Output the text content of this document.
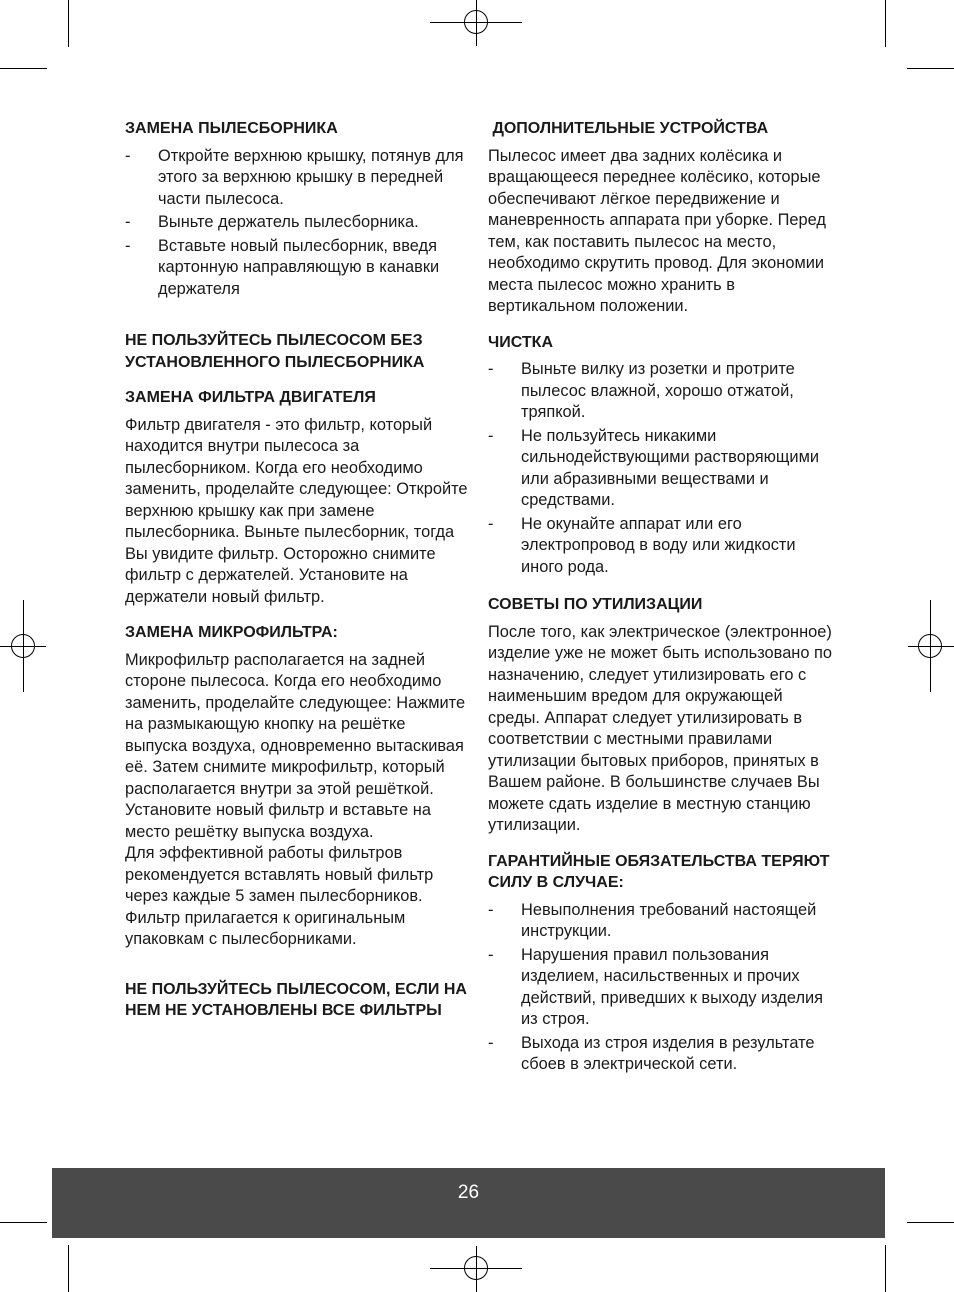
ЗАМЕНА ПЫЛЕСБОРНИКА
- Откройте верхнюю крышку, потянув для этого за верхнюю крышку в передней части пылесоса.
- Выньте держатель пылесборника.
- Вставьте новый пылесборник, введя картонную направляющую в канавки держателя
НЕ ПОЛЬЗУЙТЕСЬ ПЫЛЕСОСОМ БЕЗ УСТАНОВЛЕННОГО ПЫЛЕСБОРНИКА
ЗАМЕНА ФИЛЬТРА ДВИГАТЕЛЯ

Фильтр двигателя - это фильтр, который находится внутри пылесоса за пылесборником. Когда его необходимо заменить, проделайте следующее: Откройте верхнюю крышку как при замене пылесборника. Выньте пылесборник, тогда Вы увидите фильтр. Осторожно снимите фильтр с держателей. Установите на держатели новый фильтр.

ЗАМЕНА МИКРОФИЛЬТРА:

Микрофильтр располагается на задней стороне пылесоса. Когда его необходимо заменить, проделайте следующее: Нажмите на размыкающую кнопку на решётке выпуска воздуха, одновременно вытаскивая её. Затем снимите микрофильтр, который располагается внутри за этой решёткой. Установите новый фильтр и вставьте на место решётку выпуска воздуха.
Для эффективной работы фильтров рекомендуется вставлять новый фильтр через каждые 5 замен пылесборников. Фильтр прилагается к оригинальным упаковкам с пылесборниками.

НЕ ПОЛЬЗУЙТЕСЬ ПЫЛЕСОСОМ, ЕСЛИ НА НЕМ НЕ УСТАНОВЛЕНЫ ВСЕ ФИЛЬТРЫ
ДОПОЛНИТЕЛЬНЫЕ УСТРОЙСТВА

Пылесос имеет два задних колёсика и вращающееся переднее колёсико, которые обеспечивают лёгкое передвижение и маневренность аппарата при уборке. Перед тем, как поставить пылесос на место, необходимо скрутить провод. Для экономии места пылесос можно хранить в вертикальном положении.

ЧИСТКА
- Выньте вилку из розетки и протрите пылесос влажной, хорошо отжатой, тряпкой.
- Не пользуйтесь никакими сильнодействующими растворяющими или абразивными веществами и средствами.
- Не окунайте аппарат или его электропровод в воду или жидкости иного рода.
СОВЕТЫ ПО УТИЛИЗАЦИИ

После того, как электрическое (электронное) изделие уже не может быть использовано по назначению, следует утилизировать его с наименьшим вредом для окружающей среды. Аппарат следует утилизировать в соответствии с местными правилами утилизации бытовых приборов, принятых в Вашем районе. В большинстве случаев Вы можете сдать изделие в местную станцию утилизации.

ГАРАНТИЙНЫЕ ОБЯЗАТЕЛЬСТВА ТЕРЯЮТ СИЛУ В СЛУЧАЕ:
- Невыполнения требований настоящей инструкции.
- Нарушения правил пользования изделием, насильственных и прочих действий, приведших к выходу изделия из строя.
- Выхода из строя изделия в результате сбоев в электрической сети.
26
